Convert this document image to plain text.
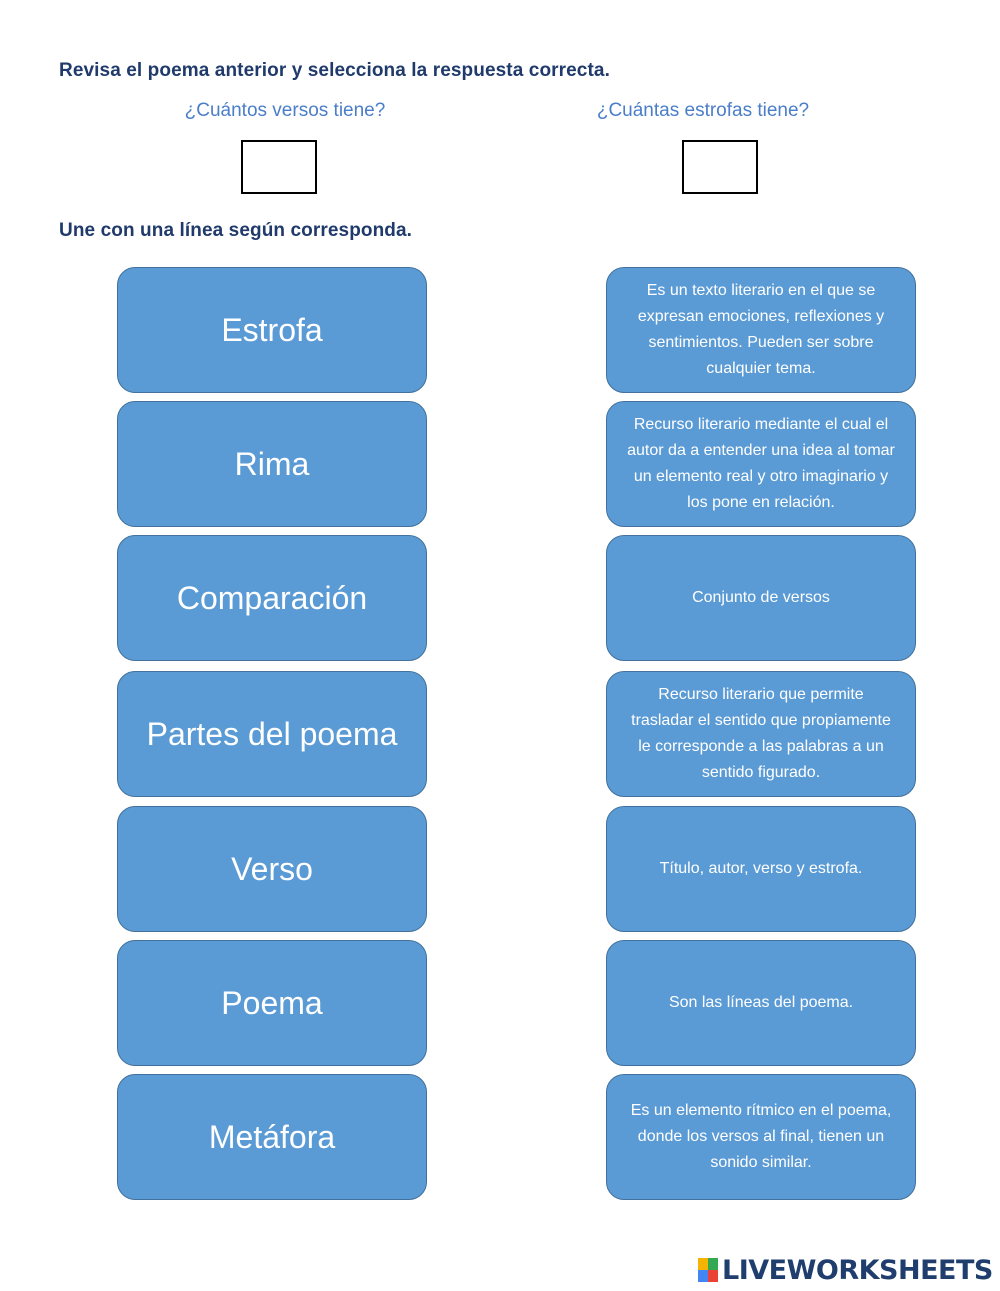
Revisa el poema anterior y selecciona la respuesta correcta.
¿Cuántos versos tiene?	¿Cuántas estrofas tiene?
Une con una línea según corresponda.
Estrofa
Rima
Comparación
Partes del poema
Verso
Poema
Metáfora
Es un texto literario en el que se expresan emociones, reflexiones y sentimientos. Pueden ser sobre cualquier tema.
Recurso literario mediante el cual el autor da a entender una idea al tomar un elemento real y otro imaginario y los pone en relación.
Conjunto de versos
Recurso literario que permite trasladar el sentido que propiamente le corresponde a las palabras a un sentido figurado.
Título, autor, verso y estrofa.
Son las líneas del poema.
Es un elemento rítmico en el poema, donde los versos al final, tienen un sonido similar.
LIVEWORKSHEETS
